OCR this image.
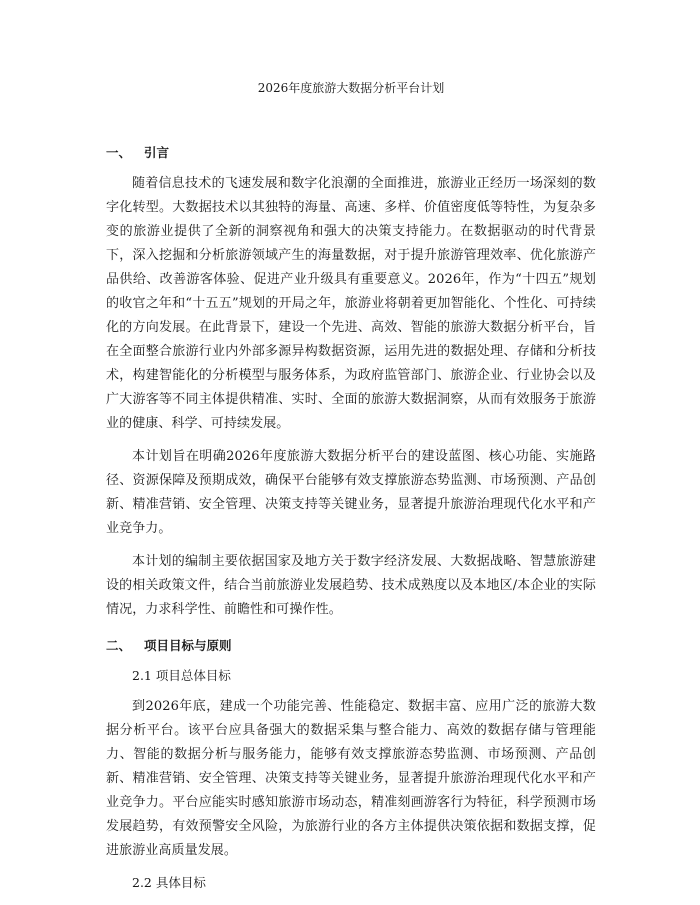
2026年度旅游大数据分析平台计划
一、 引言

随着信息技术的飞速发展和数字化浪潮的全面推进，旅游业正经历一场深刻的数字化转型。大数据技术以其独特的海量、高速、多样、价值密度低等特性，为复杂多变的旅游业提供了全新的洞察视角和强大的决策支持能力。在数据驱动的时代背景下，深入挖掘和分析旅游领域产生的海量数据，对于提升旅游管理效率、优化旅游产品供给、改善游客体验、促进产业升级具有重要意义。2026年，作为“十四五”规划的收官之年和“十五五”规划的开局之年，旅游业将朝着更加智能化、个性化、可持续化的方向发展。在此背景下，建设一个先进、高效、智能的旅游大数据分析平台，旨在全面整合旅游行业内外部多源异构数据资源，运用先进的数据处理、存储和分析技术，构建智能化的分析模型与服务体系，为政府监管部门、旅游企业、行业协会以及广大游客等不同主体提供精准、实时、全面的旅游大数据洞察，从而有效服务于旅游业的健康、科学、可持续发展。

本计划旨在明确2026年度旅游大数据分析平台的建设蓝图、核心功能、实施路径、资源保障及预期成效，确保平台能够有效支撑旅游态势监测、市场预测、产品创新、精准营销、安全管理、决策支持等关键业务，显著提升旅游治理现代化水平和产业竞争力。

本计划的编制主要依据国家及地方关于数字经济发展、大数据战略、智慧旅游建设的相关政策文件，结合当前旅游业发展趋势、技术成熟度以及本地区/本企业的实际情况，力求科学性、前瞻性和可操作性。

二、 项目目标与原则
2.1 项目总体目标

到2026年底，建成一个功能完善、性能稳定、数据丰富、应用广泛的旅游大数据分析平台。该平台应具备强大的数据采集与整合能力、高效的数据存储与管理能力、智能的数据分析与服务能力，能够有效支撑旅游态势监测、市场预测、产品创新、精准营销、安全管理、决策支持等关键业务，显著提升旅游治理现代化水平和产业竞争力。平台应能实时感知旅游市场动态，精准刻画游客行为特征，科学预测市场发展趋势，有效预警安全风险，为旅游行业的各方主体提供决策依据和数据支撑，促进旅游业高质量发展。

2.2 具体目标
